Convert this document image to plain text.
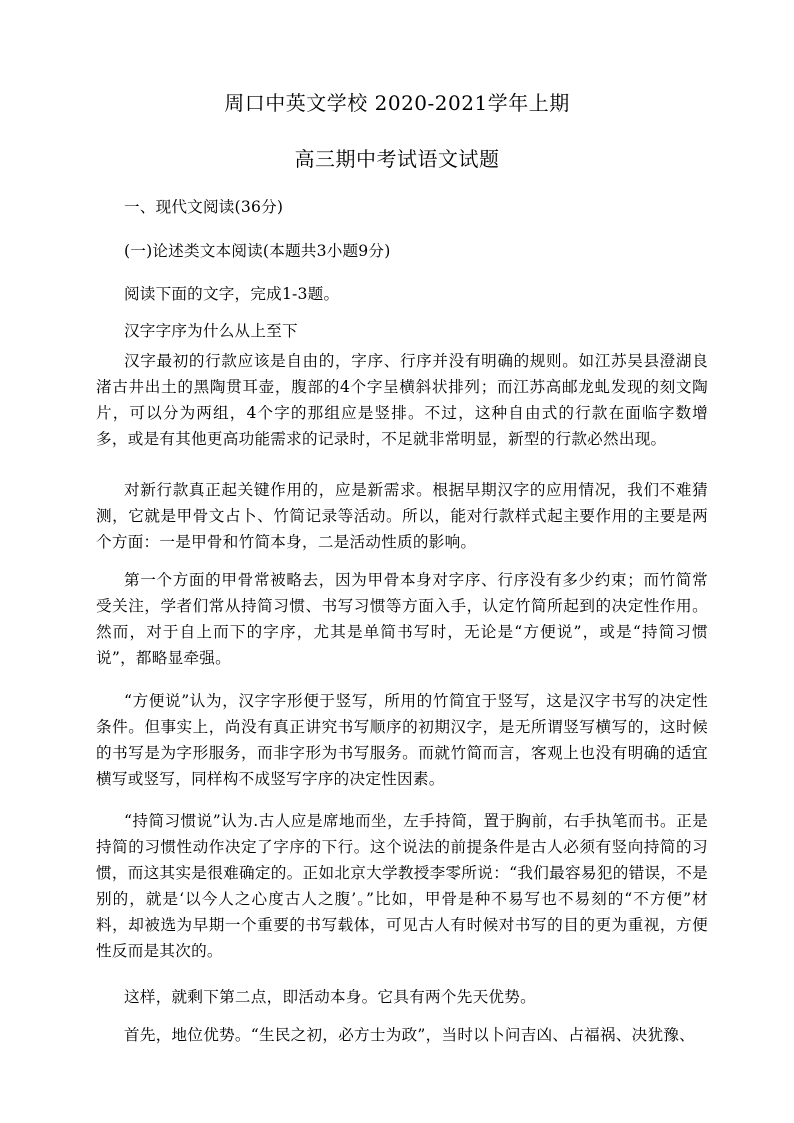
周口中英文学校 2020-2021学年上期
高三期中考试语文试题
一、现代文阅读(36分)
(一)论述类文本阅读(本题共3小题9分)
阅读下面的文字，完成1-3题。
汉字字序为什么从上至下
汉字最初的行款应该是自由的，字序、行序并没有明确的规则。如江苏吴县澄湖良渚古井出土的黑陶贯耳壶，腹部的4个字呈横斜状排列；而江苏高邮龙虬发现的刻文陶片，可以分为两组，4个字的那组应是竖排。不过，这种自由式的行款在面临字数增多，或是有其他更高功能需求的记录时，不足就非常明显，新型的行款必然出现。
对新行款真正起关键作用的，应是新需求。根据早期汉字的应用情况，我们不难猜测，它就是甲骨文占卜、竹简记录等活动。所以，能对行款样式起主要作用的主要是两个方面：一是甲骨和竹简本身，二是活动性质的影响。
第一个方面的甲骨常被略去，因为甲骨本身对字序、行序没有多少约束；而竹简常受关注，学者们常从持简习惯、书写习惯等方面入手，认定竹简所起到的决定性作用。然而，对于自上而下的字序，尤其是单简书写时，无论是“方便说”，或是“持简习惯说”，都略显牵强。
“方便说”认为，汉字字形便于竖写，所用的竹简宜于竖写，这是汉字书写的决定性条件。但事实上，尚没有真正讲究书写顺序的初期汉字，是无所谓竖写横写的，这时候的书写是为字形服务，而非字形为书写服务。而就竹简而言，客观上也没有明确的适宜横写或竖写，同样构不成竖写字序的决定性因素。
“持简习惯说”认为.古人应是席地而坐，左手持简，置于胸前，右手执笔而书。正是持简的习惯性动作决定了字序的下行。这个说法的前提条件是古人必须有竖向持简的习惯，而这其实是很难确定的。正如北京大学教授李零所说：“我们最容易犯的错误，不是别的，就是‘以今人之心度古人之腹’。”比如，甲骨是种不易写也不易刻的“不方便”材料，却被选为早期一个重要的书写载体，可见古人有时候对书写的目的更为重视，方便性反而是其次的。
这样，就剩下第二点，即活动本身。它具有两个先天优势。
首先，地位优势。“生民之初，必方士为政”，当时以卜问吉凶、占福祸、决犹豫、
